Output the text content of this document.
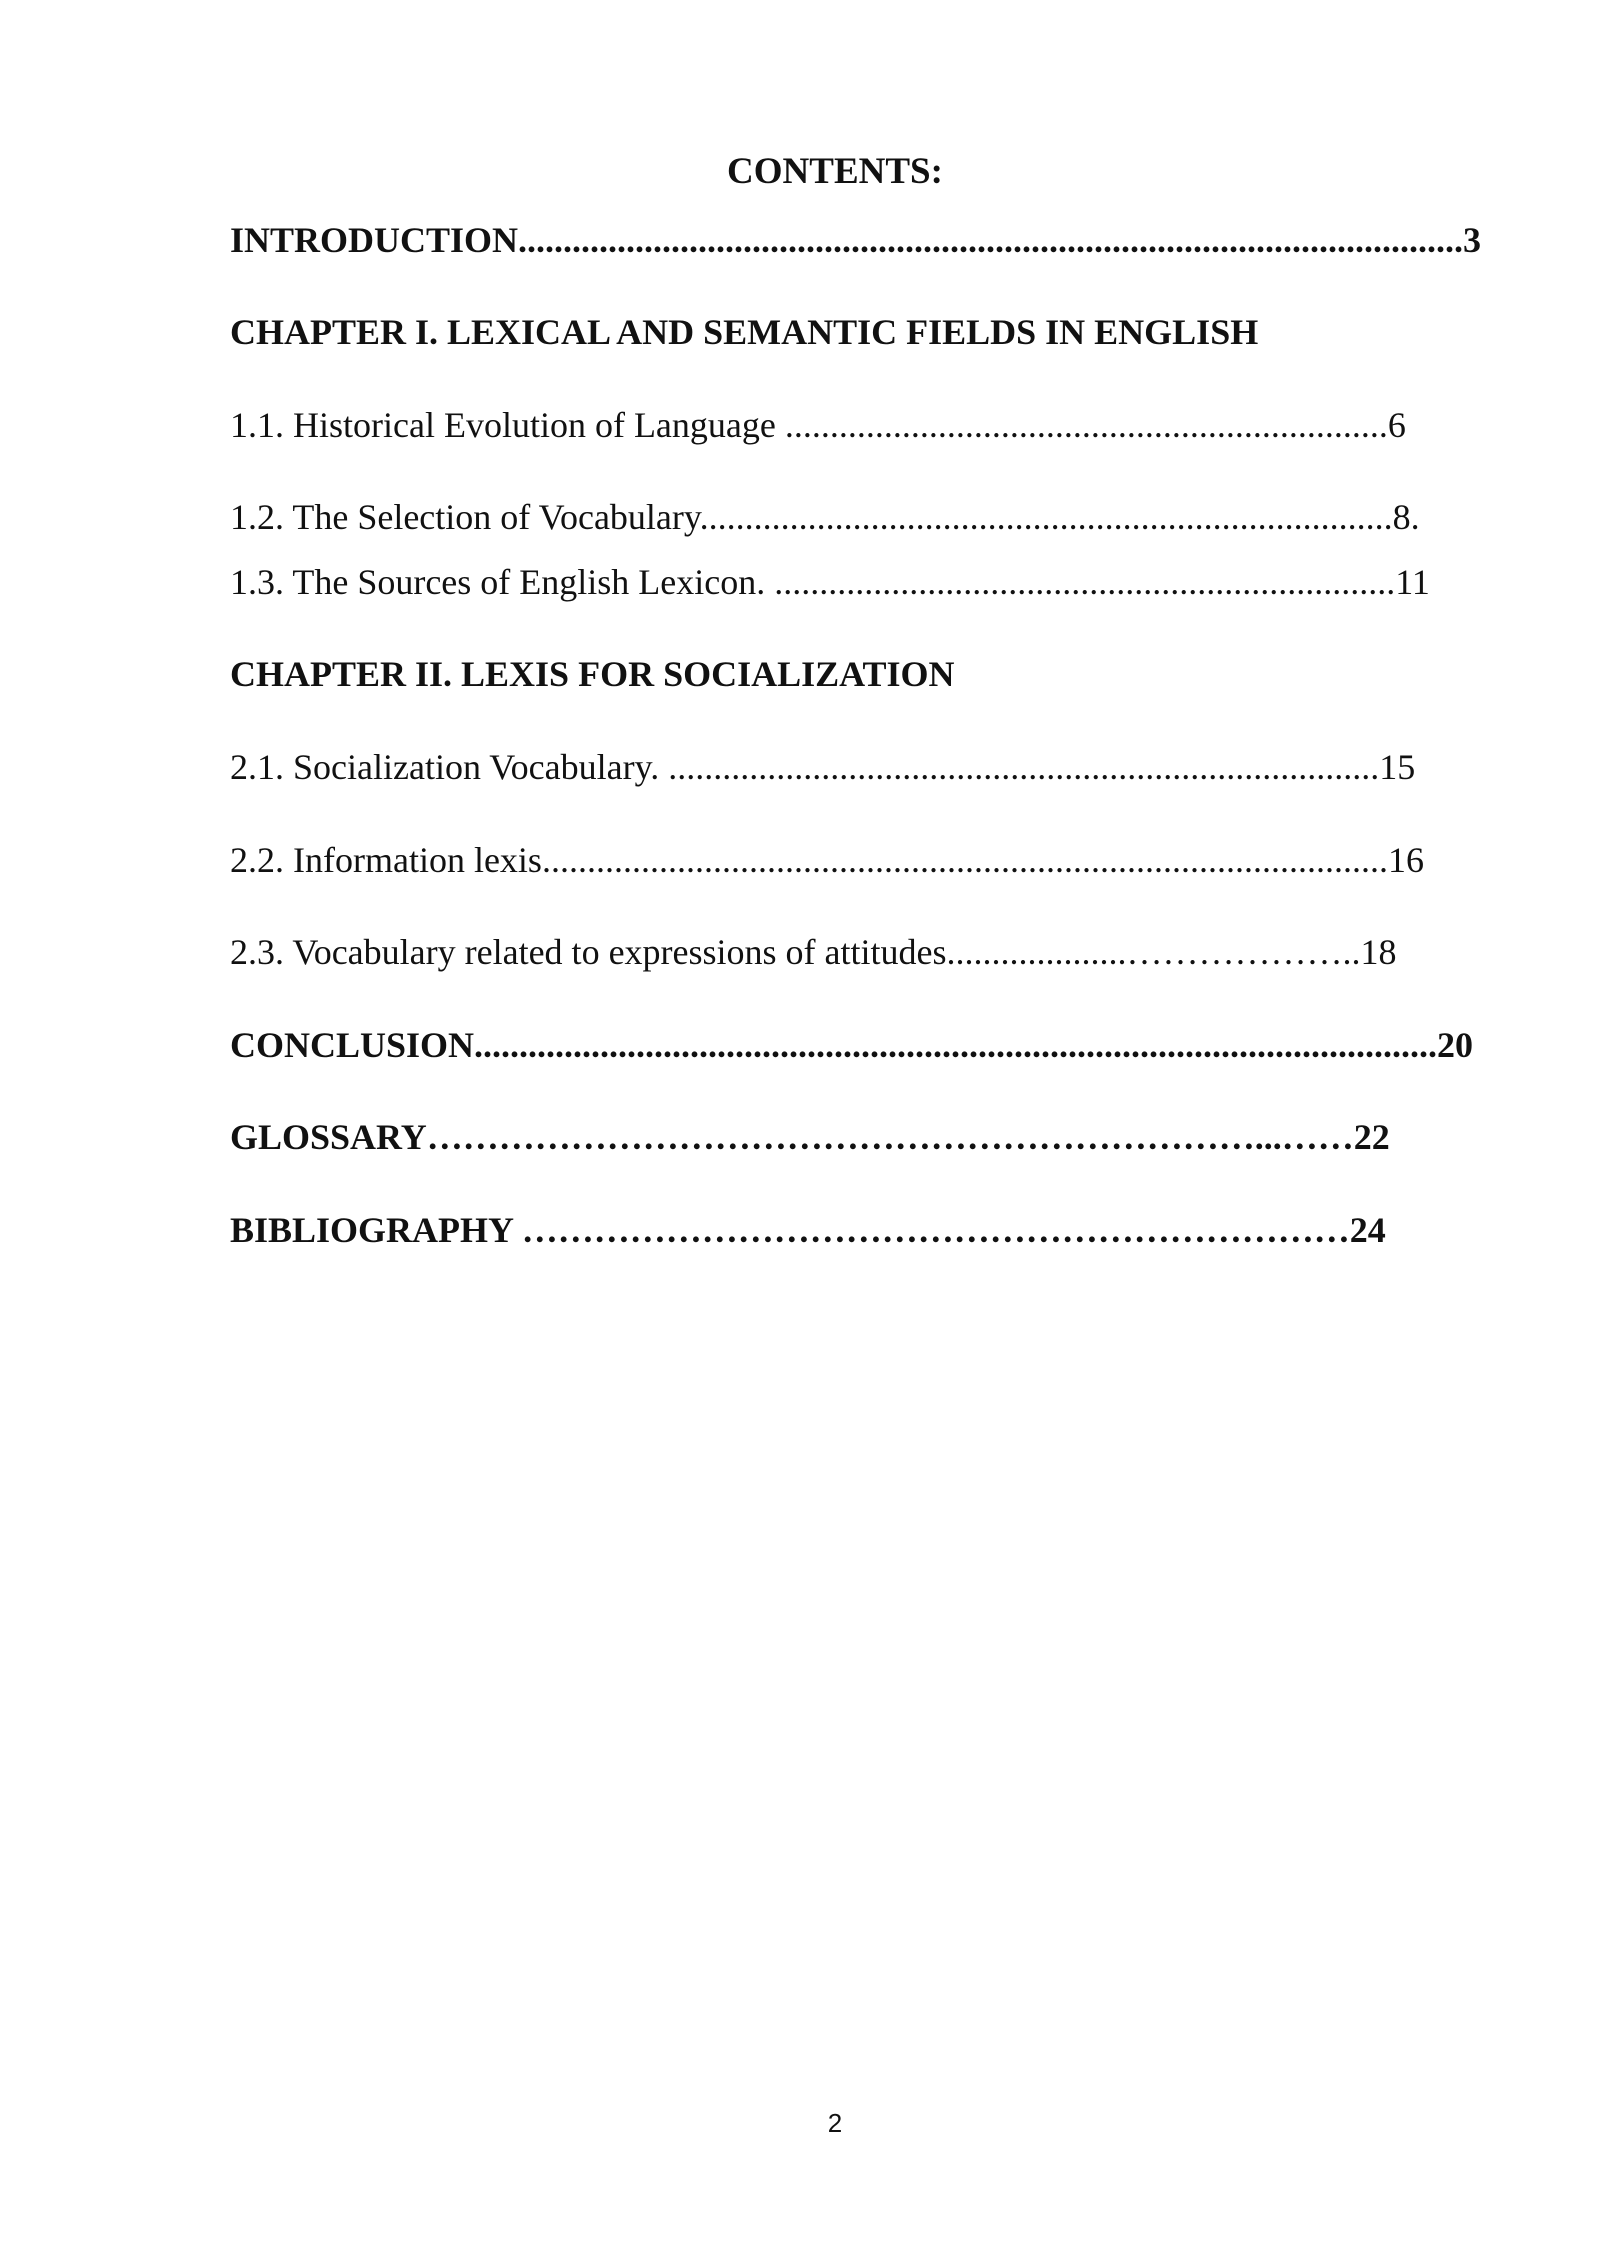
CONTENTS:
INTRODUCTION.........................................................................................................3
CHAPTER I. LEXICAL AND SEMANTIC FIELDS IN ENGLISH
1.1. Historical Evolution of Language ...................................................................6
1.2. The Selection of Vocabulary.............................................................................8.
1.3. The Sources of English Lexicon. .....................................................................11
CHAPTER II. LEXIS FOR SOCIALIZATION
2.1. Socialization Vocabulary. ...............................................................................15
2.2. Information lexis..............................................................................................16
2.3. Vocabulary related to expressions of attitudes....................………………..18
CONCLUSION...........................................................................................................20
GLOSSARY……………………………………………………………...……22
BIBLIOGRAPHY ……………………………………………………………24
2
